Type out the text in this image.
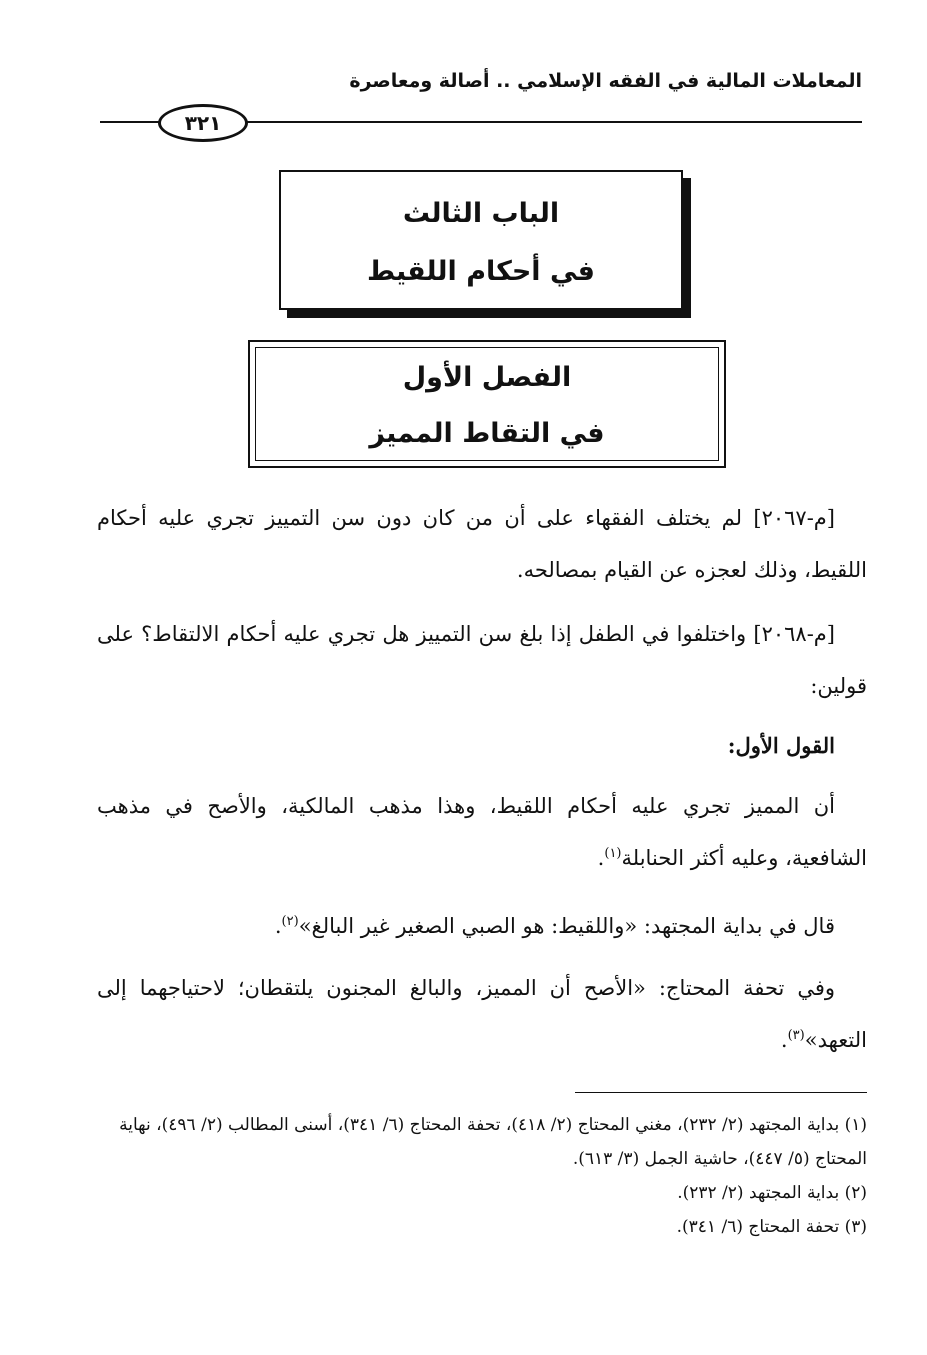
المعاملات المالية في الفقه الإسلامي .. أصالة ومعاصرة
٣٢١
الباب الثالث
في أحكام اللقيط
الفصل الأول
في التقاط المميز

[م-٢٠٦٧] لم يختلف الفقهاء على أن من كان دون سن التمييز تجري عليه أحكام اللقيط، وذلك لعجزه عن القيام بمصالحه.

[م-٢٠٦٨] واختلفوا في الطفل إذا بلغ سن التمييز هل تجري عليه أحكام الالتقاط؟ على قولين:

القول الأول:

أن المميز تجري عليه أحكام اللقيط، وهذا مذهب المالكية، والأصح في مذهب الشافعية، وعليه أكثر الحنابلة$^{(١)}$.

قال في بداية المجتهد: «واللقيط: هو الصبي الصغير غير البالغ»$^{(٢)}$.

وفي تحفة المحتاج: «الأصح أن المميز، والبالغ المجنون يلتقطان؛ لاحتياجهما إلى التعهد»$^{(٣)}$.

(١) بداية المجتهد (٢/ ٢٣٢)، مغني المحتاج (٢/ ٤١٨)، تحفة المحتاج (٦/ ٣٤١)، أسنى المطالب (٢/ ٤٩٦)، نهاية المحتاج (٥/ ٤٤٧)، حاشية الجمل (٣/ ٦١٣).
(٢) بداية المجتهد (٢/ ٢٣٢).
(٣) تحفة المحتاج (٦/ ٣٤١).
